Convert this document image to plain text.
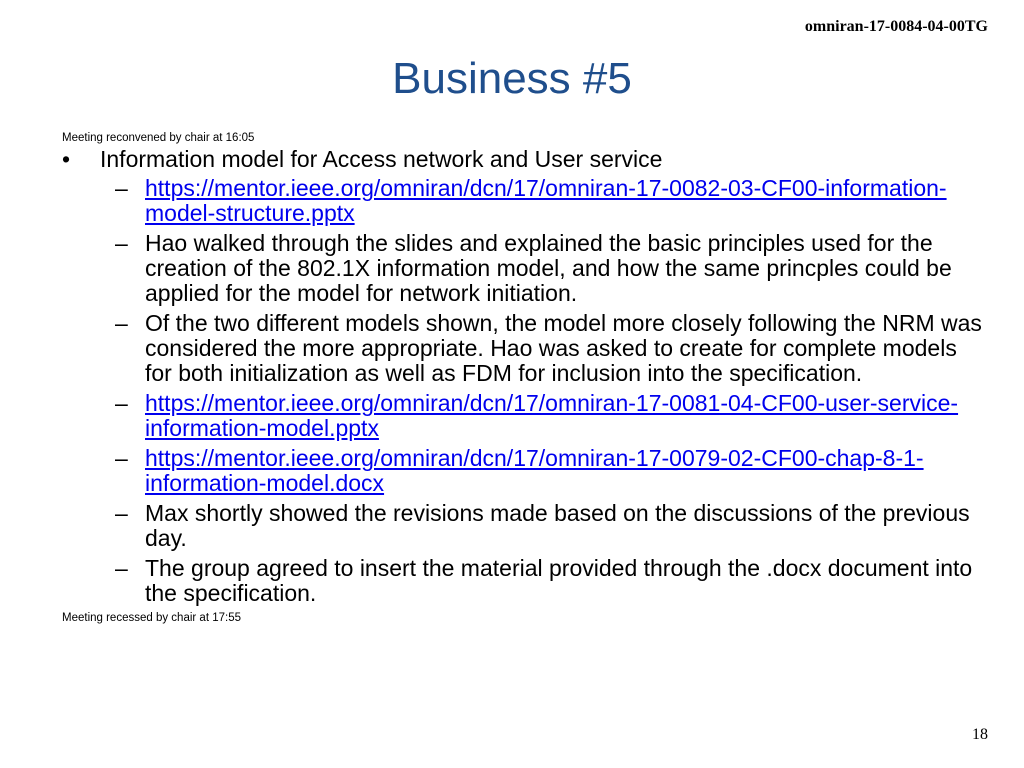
omniran-17-0084-04-00TG
Business #5

Meeting reconvened by chair at 16:05

• Information model for Access network and User service
– https://mentor.ieee.org/omniran/dcn/17/omniran-17-0082-03-CF00-information-model-structure.pptx
– Hao walked through the slides and explained the basic principles used for the creation of the 802.1X information model, and how the same princples could be applied for the model for network initiation.
– Of the two different models shown, the model more closely following the NRM was considered the more appropriate. Hao was asked to create for complete models for both initialization as well as FDM for inclusion into the specification.
– https://mentor.ieee.org/omniran/dcn/17/omniran-17-0081-04-CF00-user-service-information-model.pptx
– https://mentor.ieee.org/omniran/dcn/17/omniran-17-0079-02-CF00-chap-8-1-information-model.docx
– Max shortly showed the revisions made based on the discussions of the previous day.
– The group agreed to insert the material provided through the .docx document into the specification.

Meeting recessed by chair at 17:55

18
